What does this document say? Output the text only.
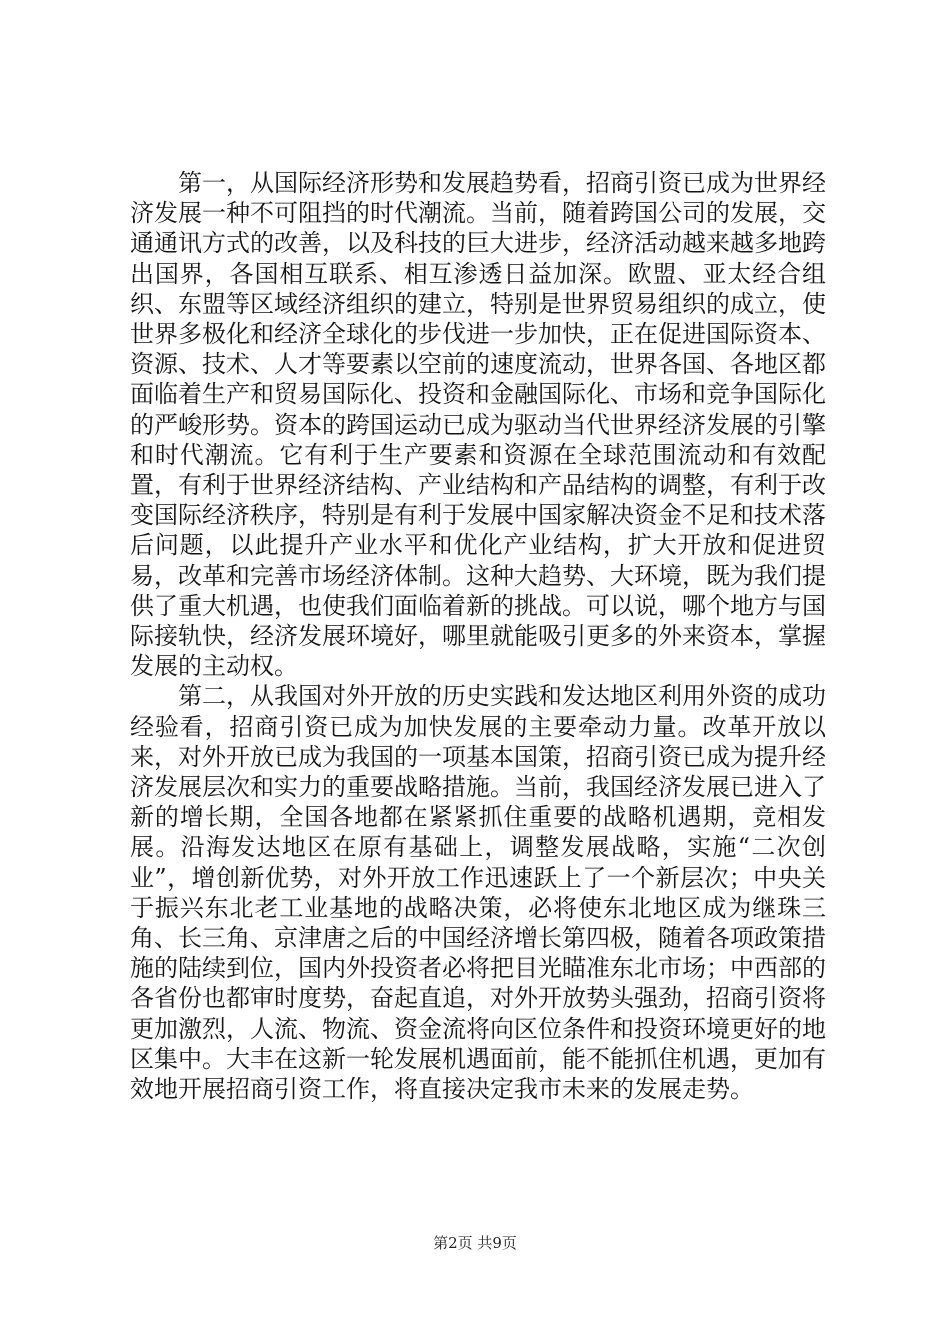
第一，从国际经济形势和发展趋势看，招商引资已成为世界经济发展一种不可阻挡的时代潮流。当前，随着跨国公司的发展，交通通讯方式的改善，以及科技的巨大进步，经济活动越来越多地跨出国界，各国相互联系、相互渗透日益加深。欧盟、亚太经合组织、东盟等区域经济组织的建立，特别是世界贸易组织的成立，使世界多极化和经济全球化的步伐进一步加快，正在促进国际资本、资源、技术、人才等要素以空前的速度流动，世界各国、各地区都面临着生产和贸易国际化、投资和金融国际化、市场和竞争国际化的严峻形势。资本的跨国运动已成为驱动当代世界经济发展的引擎和时代潮流。它有利于生产要素和资源在全球范围流动和有效配置，有利于世界经济结构、产业结构和产品结构的调整，有利于改变国际经济秩序，特别是有利于发展中国家解决资金不足和技术落后问题，以此提升产业水平和优化产业结构，扩大开放和促进贸易，改革和完善市场经济体制。这种大趋势、大环境，既为我们提供了重大机遇，也使我们面临着新的挑战。可以说，哪个地方与国际接轨快，经济发展环境好，哪里就能吸引更多的外来资本，掌握发展的主动权。

第二，从我国对外开放的历史实践和发达地区利用外资的成功经验看，招商引资已成为加快发展的主要牵动力量。改革开放以来，对外开放已成为我国的一项基本国策，招商引资已成为提升经济发展层次和实力的重要战略措施。当前，我国经济发展已进入了新的增长期，全国各地都在紧紧抓住重要的战略机遇期，竞相发展。沿海发达地区在原有基础上，调整发展战略，实施“二次创业”，增创新优势，对外开放工作迅速跃上了一个新层次；中央关于振兴东北老工业基地的战略决策，必将使东北地区成为继珠三角、长三角、京津唐之后的中国经济增长第四极，随着各项政策措施的陆续到位，国内外投资者必将把目光瞄准东北市场；中西部的各省份也都审时度势，奋起直追，对外开放势头强劲，招商引资将更加激烈，人流、物流、资金流将向区位条件和投资环境更好的地区集中。大丰在这新一轮发展机遇面前，能不能抓住机遇，更加有效地开展招商引资工作，将直接决定我市未来的发展走势。

第2页 共9页
